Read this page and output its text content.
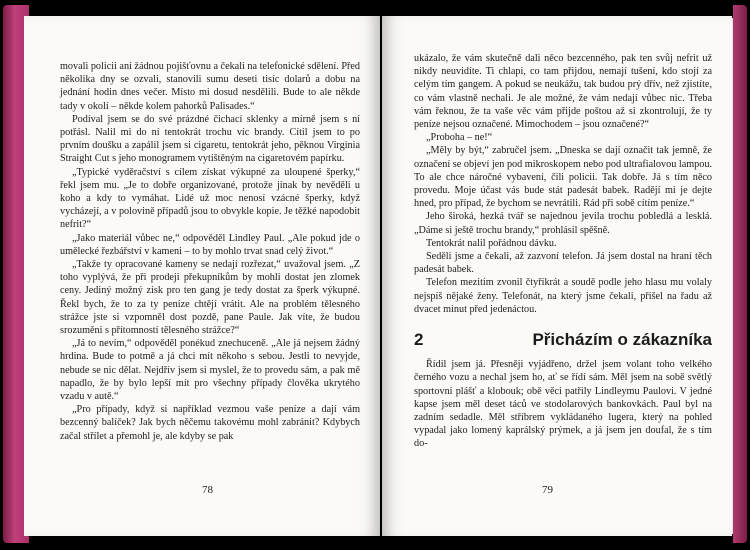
movali policii ani žádnou pojišťovnu a čekali na telefonické sdělení. Před několika dny se ozvali, stanovili sumu deseti tisíc dolarů a dobu na jednání hodin dnes večer. Místo mi dosud nesdělili. Bude to ale někde tady v okolí – někde kolem pahorků Palisades.“

Podíval jsem se do své prázdné čichací sklenky a mírně jsem s ní potřásl. Nalil mi do ní tentokrát trochu víc brandy. Cítil jsem to po prvním doušku a zapálil jsem si cigaretu, tentokrát jeho, pěknou Virginia Straight Cut s jeho monogramem vytištěným na cigaretovém papírku.

„Typické vyděračství s cílem získat výkupné za uloupené šperky,“ řekl jsem mu. „Je to dobře organizované, protože jinak by nevěděli u koho a kdy to vymáhat. Lidé už moc nenosí vzácné šperky, když vycházejí, a v polovině případů jsou to obvykle kopie. Je těžké napodobit nefrit?“

„Jako materiál vůbec ne,“ odpověděl Lindley Paul. „Ale pokud jde o umělecké řezbářství v kameni – to by mohlo trvat snad celý život.“

„Takže ty opracované kameny se nedají rozřezat,“ uvažoval jsem. „Z toho vyplývá, že při prodeji překupníkům by mohli dostat jen zlomek ceny. Jediný možný zisk pro ten gang je tedy dostat za šperk výkupné. Řekl bych, že to za ty peníze chtějí vrátit. Ale na problém tělesného strážce jste si vzpomněl dost pozdě, pane Paule. Jak víte, že budou srozuměni s přítomností tělesného strážce?“

„Já to nevím,“ odpověděl ponékud znechuceně. „Ale já nejsem žádný hrdina. Bude to potmě a já chci mít někoho s sebou. Jestli to nevyjde, nebude se nic dělat. Nejdřív jsem si myslel, že to provedu sám, a pak mě napadlo, že by bylo lepší mít pro všechny případy člověka ukrytého vzadu v autě.“

„Pro případy, když si například vezmou vaše peníze a dají vám bezcenný balíček? Jak bych něčemu takovému mohl zabránit? Kdybych začal střílet a přemohl je, ale kdyby se pak

78

ukázalo, že vám skutečně dali něco bezcenného, pak ten svůj nefrit už nikdy neuvidíte. Ti chlapi, co tam přijdou, nemají tušení, kdo stojí za celým tím gangem. A pokud se neukážu, tak budou prý dřív, než zjistíte, co vám vlastně nechali. Je ale možné, že vám nedají vůbec nic. Třeba vám řeknou, že ta vaše věc vám přijde poštou až si zkontrolují, že ty peníze nejsou označené. Mimochodem – jsou označené?“

„Proboha – ne!“

„Měly by být,“ zabručel jsem. „Dneska se dají označit tak jemně, že označení se objeví jen pod mikroskopem nebo pod ultrafialovou lampou. To ale chce náročné vybavení, čili policii. Tak dobře. Já s tím něco provedu. Moje účast vás bude stát padesát babek. Radějí mi je dejte hned, pro případ, že bychom se nevrátili. Rád při sobě cítím peníze.“

Jeho široká, hezká tvář se najednou jevila trochu pobledlá a lesklá. „Dáme si ještě trochu brandy,“ prohlásil spěšně.

Tentokrát nalil pořádnou dávku.

Seděli jsme a čekali, až zazvoní telefon. Já jsem dostal na hraní těch padesát babek.

Telefon mezitím zvonil čtyřikrát a soudě podle jeho hlasu mu volaly nejspíš nějaké ženy. Telefonát, na který jsme čekali, přišel na řadu až dvacet minut před jedenáctou.

2	Přicházím o zákazníka

Řídil jsem já. Přesněji vyjádřeno, držel jsem volant toho velkého černého vozu a nechal jsem ho, ať se řídí sám. Měl jsem na sobě světlý sportovní plášť a klobouk; obě věci patřily Lindleymu Paulovi. V jedné kapse jsem měl deset táců ve stodolarových bankovkách. Paul byl na zadním sedadle. Měl stříbrem vykládaného lugera, který na pohled vypadal jako lomený kaprálský prýmek, a já jsem jen doufal, že s tím do-

79
